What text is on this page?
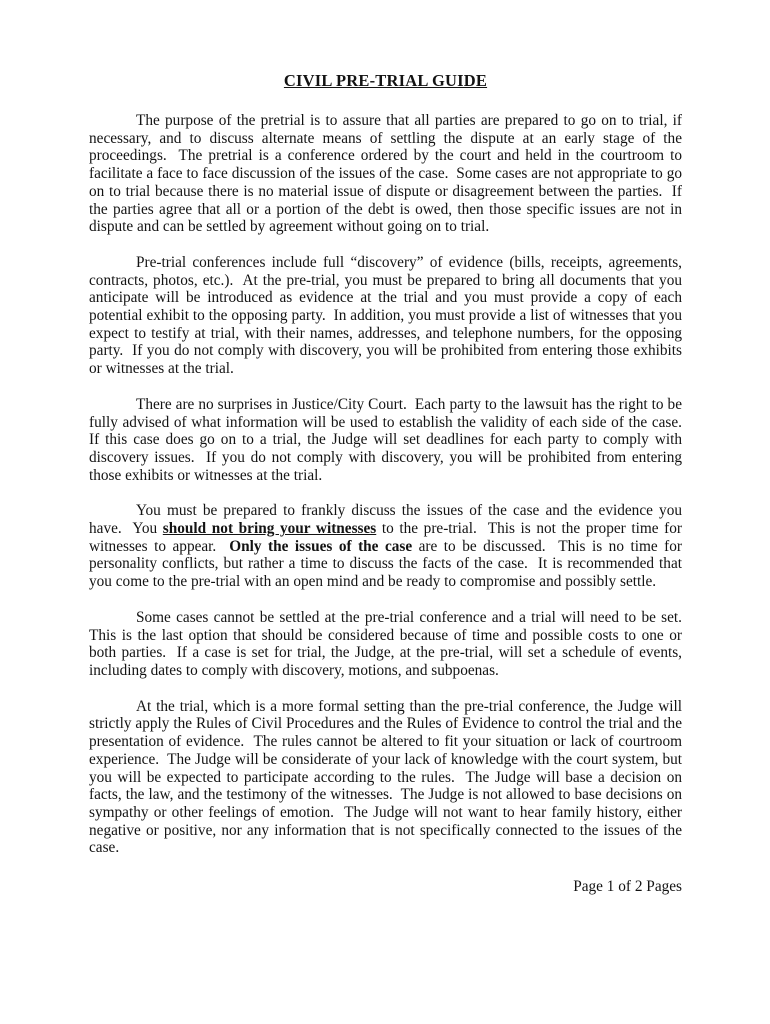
CIVIL PRE-TRIAL GUIDE

The purpose of the pretrial is to assure that all parties are prepared to go on to trial, if necessary, and to discuss alternate means of settling the dispute at an early stage of the proceedings.  The pretrial is a conference ordered by the court and held in the courtroom to facilitate a face to face discussion of the issues of the case.  Some cases are not appropriate to go on to trial because there is no material issue of dispute or disagreement between the parties.  If the parties agree that all or a portion of the debt is owed, then those specific issues are not in dispute and can be settled by agreement without going on to trial.

Pre-trial conferences include full “discovery” of evidence (bills, receipts, agreements, contracts, photos, etc.).  At the pre-trial, you must be prepared to bring all documents that you anticipate will be introduced as evidence at the trial and you must provide a copy of each potential exhibit to the opposing party.  In addition, you must provide a list of witnesses that you expect to testify at trial, with their names, addresses, and telephone numbers, for the opposing party.  If you do not comply with discovery, you will be prohibited from entering those exhibits or witnesses at the trial.

There are no surprises in Justice/City Court.  Each party to the lawsuit has the right to be fully advised of what information will be used to establish the validity of each side of the case.  If this case does go on to a trial, the Judge will set deadlines for each party to comply with discovery issues.  If you do not comply with discovery, you will be prohibited from entering those exhibits or witnesses at the trial.

You must be prepared to frankly discuss the issues of the case and the evidence you have.  You should not bring your witnesses to the pre-trial.  This is not the proper time for witnesses to appear.  Only the issues of the case are to be discussed.  This is no time for personality conflicts, but rather a time to discuss the facts of the case.  It is recommended that you come to the pre-trial with an open mind and be ready to compromise and possibly settle.

Some cases cannot be settled at the pre-trial conference and a trial will need to be set.  This is the last option that should be considered because of time and possible costs to one or both parties.  If a case is set for trial, the Judge, at the pre-trial, will set a schedule of events, including dates to comply with discovery, motions, and subpoenas.

At the trial, which is a more formal setting than the pre-trial conference, the Judge will strictly apply the Rules of Civil Procedures and the Rules of Evidence to control the trial and the presentation of evidence.  The rules cannot be altered to fit your situation or lack of courtroom experience.  The Judge will be considerate of your lack of knowledge with the court system, but you will be expected to participate according to the rules.  The Judge will base a decision on facts, the law, and the testimony of the witnesses.  The Judge is not allowed to base decisions on sympathy or other feelings of emotion.  The Judge will not want to hear family history, either negative or positive, nor any information that is not specifically connected to the issues of the case.

Page 1 of 2 Pages
